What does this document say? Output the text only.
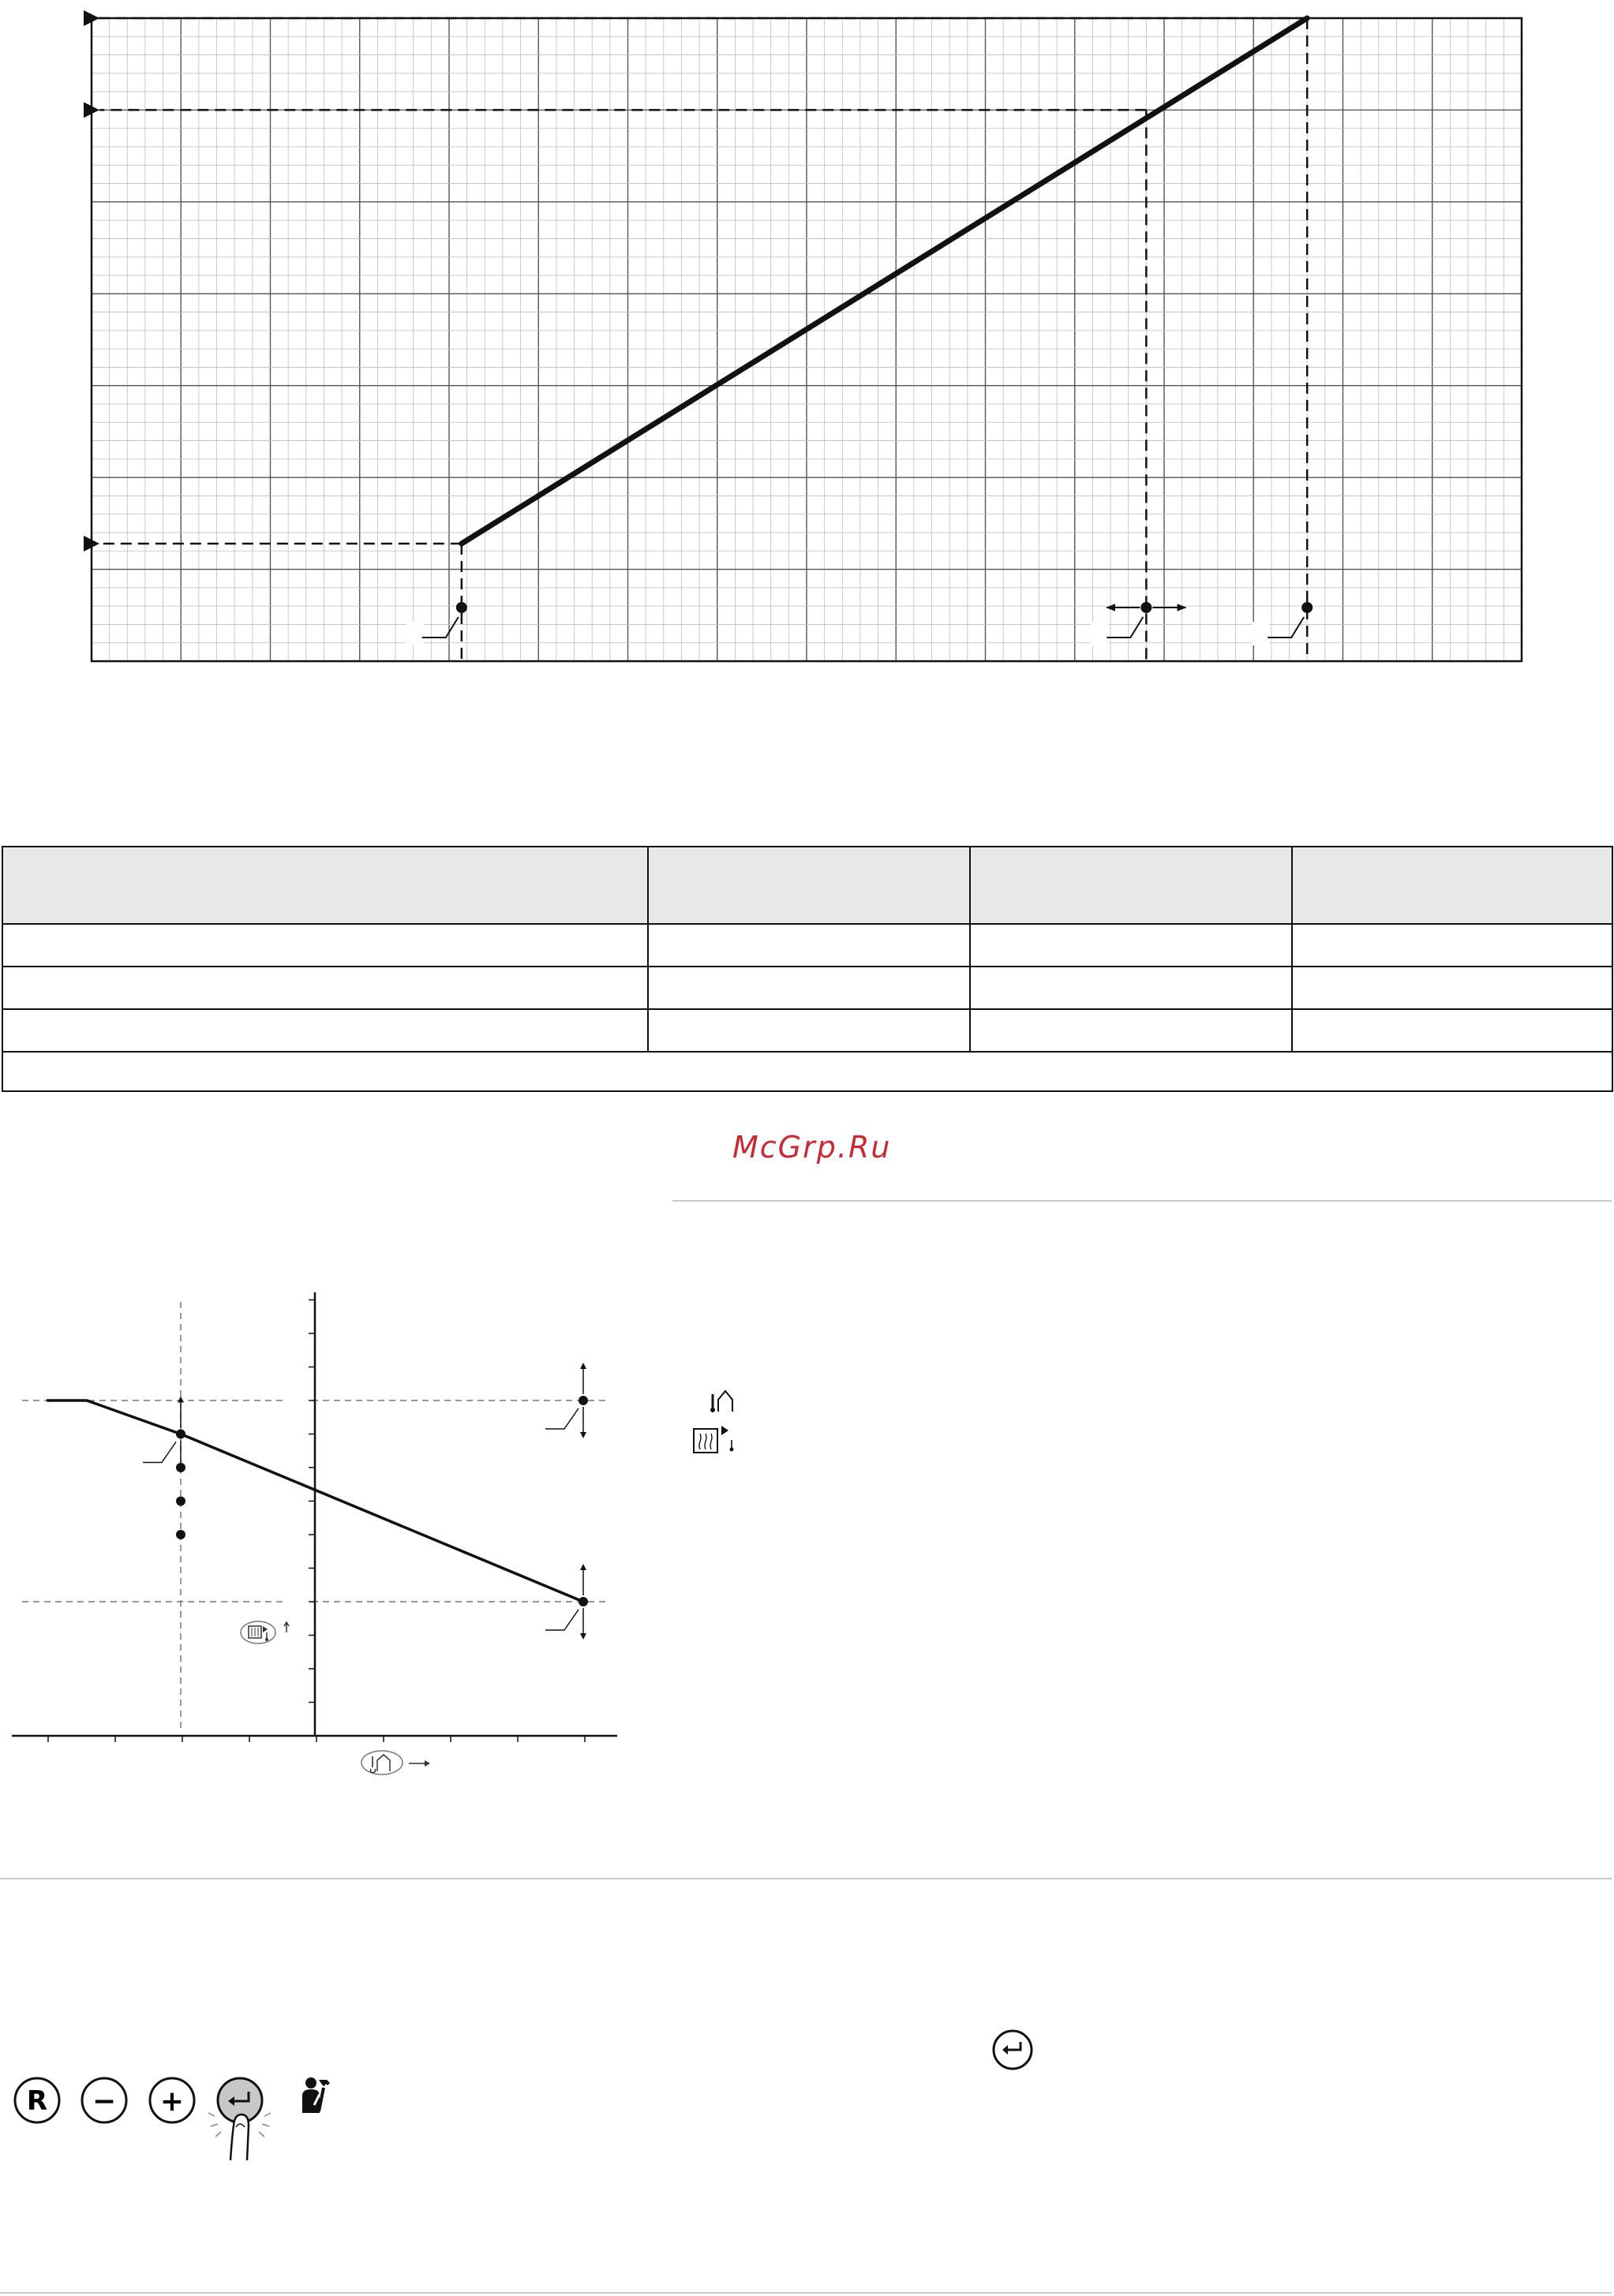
McGrp.Ru
R − +
